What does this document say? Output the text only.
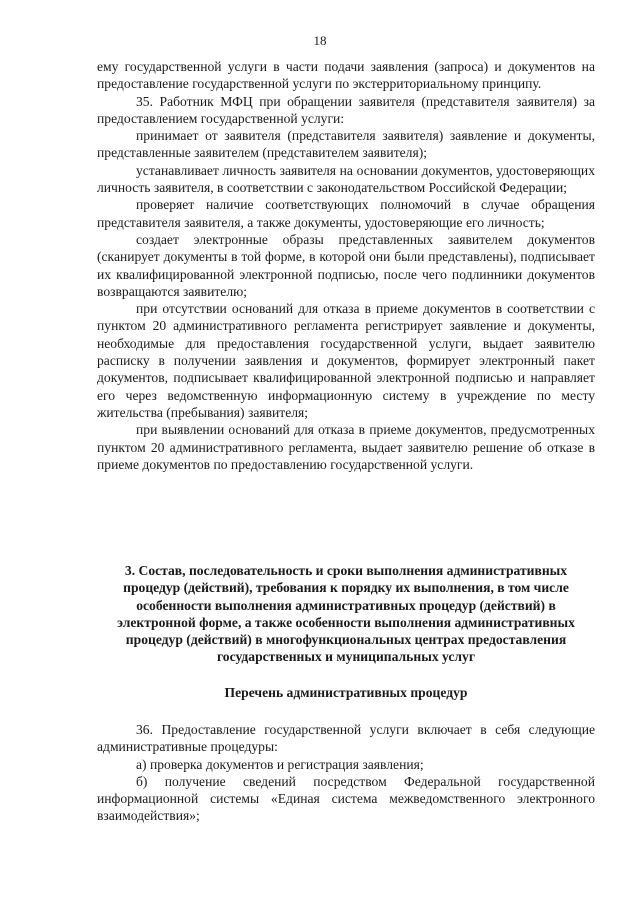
18

ему государственной услуги в части подачи заявления (запроса) и документов на предоставление государственной услуги по экстерриториальному принципу.

35. Работник МФЦ при обращении заявителя (представителя заявителя) за предоставлением государственной услуги:

принимает от заявителя (представителя заявителя) заявление и документы, представленные заявителем (представителем заявителя);

устанавливает личность заявителя на основании документов, удостоверяющих личность заявителя, в соответствии с законодательством Российской Федерации;

проверяет наличие соответствующих полномочий в случае обращения представителя заявителя, а также документы, удостоверяющие его личность;

создает электронные образы представленных заявителем документов (сканирует документы в той форме, в которой они были представлены), подписывает их квалифицированной электронной подписью, после чего подлинники документов возвращаются заявителю;

при отсутствии оснований для отказа в приеме документов в соответствии с пунктом 20 административного регламента регистрирует заявление и документы, необходимые для предоставления государственной услуги, выдает заявителю расписку в получении заявления и документов, формирует электронный пакет документов, подписывает квалифицированной электронной подписью и направляет его через ведомственную информационную систему в учреждение по месту жительства (пребывания) заявителя;

при выявлении оснований для отказа в приеме документов, предусмотренных пунктом 20 административного регламента, выдает заявителю решение об отказе в приеме документов по предоставлению государственной услуги.

3. Состав, последовательность и сроки выполнения административных процедур (действий), требования к порядку их выполнения, в том числе особенности выполнения административных процедур (действий) в электронной форме, а также особенности выполнения административных процедур (действий) в многофункциональных центрах предоставления государственных и муниципальных услуг
Перечень административных процедур

36. Предоставление государственной услуги включает в себя следующие административные процедуры:

а) проверка документов и регистрация заявления;

б) получение сведений посредством Федеральной государственной информационной системы «Единая система межведомственного электронного взаимодействия»;
